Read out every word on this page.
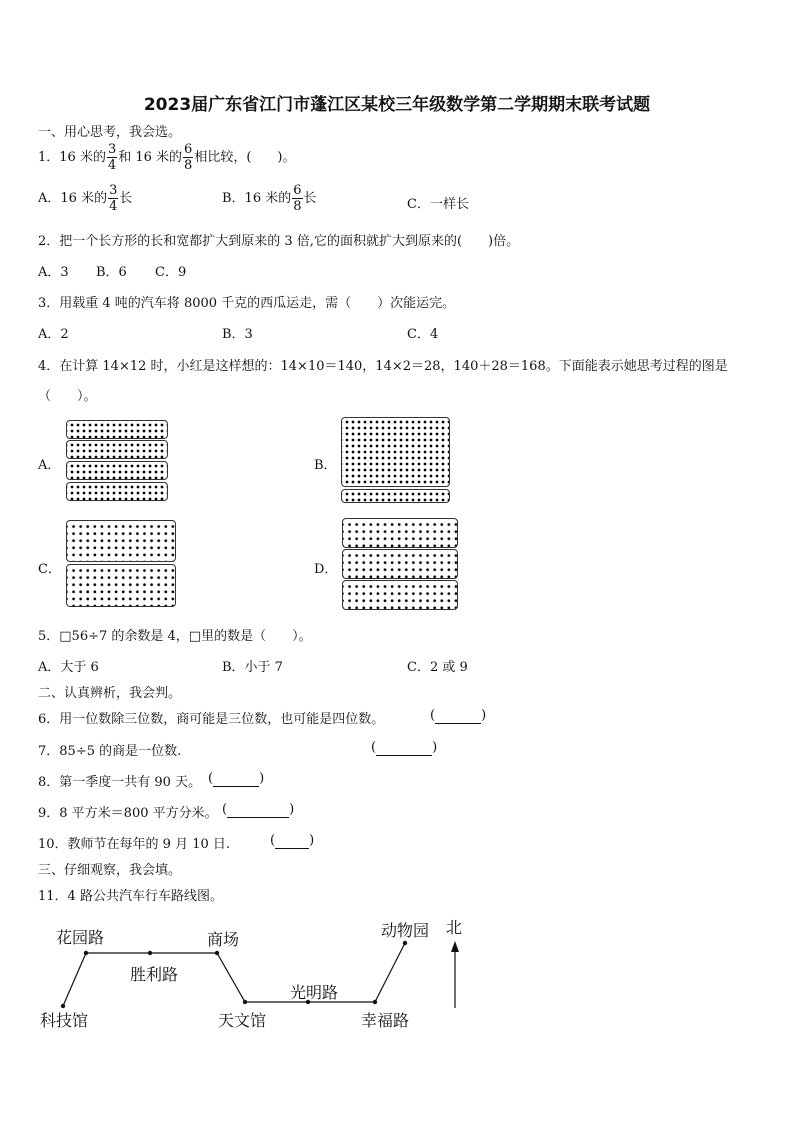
2023届广东省江门市蓬江区某校三年级数学第二学期期末联考试题
一、用心思考，我会选。
1．16 米的 $\frac{3}{4}$ 和 16 米的 $\frac{6}{8}$ 相比较，(　　)。
A．16 米的 $\frac{3}{4}$ 长	B．16 米的 $\frac{6}{8}$ 长	C．一样长
2．把一个长方形的长和宽都扩大到原来的 3 倍,它的面积就扩大到原来的(　　)倍。
A．3 B．6 C．9
3．用载重 4 吨的汽车将 8000 千克的西瓜运走，需（　　）次能运完。
A．2	B．3	C．4
4．在计算 14×12 时，小红是这样想的：14×10＝140，14×2＝28，140＋28＝168。下面能表示她思考过程的图是
（　　）。
A．	B．
C．	D．
5．□56÷7 的余数是 4，□里的数是（　　）。
A．大于 6	B．小于 7	C．2 或 9
二、认真辨析，我会判。
6．用一位数除三位数，商可能是三位数，也可能是四位数。	(	)
7．85÷5 的商是一位数.	(	)
8．第一季度一共有 90 天。 (	)
9．8 平方米＝800 平方分米。 (	)
10．教师节在每年的 9 月 10 日.	(	)
三、仔细观察，我会填。
11．4 路公共汽车行车路线图。
花园路	商场
胜利路
动物园 北
光明路
科技馆	天文馆	幸福路
